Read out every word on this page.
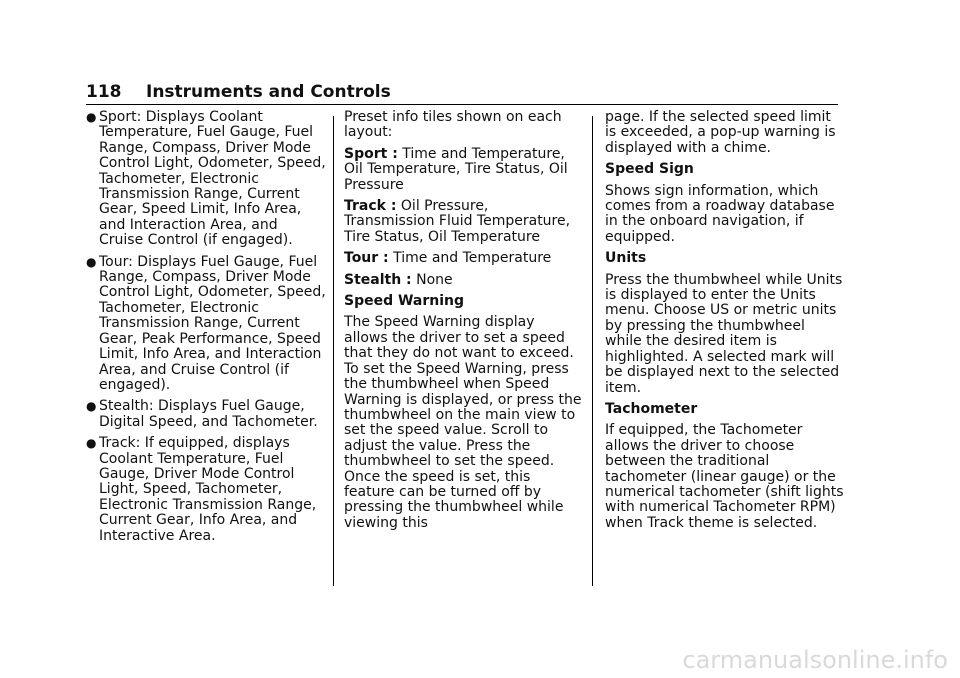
118 Instruments and Controls
● Sport: Displays Coolant Temperature, Fuel Gauge, Fuel Range, Compass, Driver Mode Control Light, Odometer, Speed, Tachometer, Electronic Transmission Range, Current Gear, Speed Limit, Info Area, and Interaction Area, and Cruise Control (if engaged).
● Tour: Displays Fuel Gauge, Fuel Range, Compass, Driver Mode Control Light, Odometer, Speed, Tachometer, Electronic Transmission Range, Current Gear, Peak Performance, Speed Limit, Info Area, and Interaction Area, and Cruise Control (if engaged).
● Stealth: Displays Fuel Gauge, Digital Speed, and Tachometer.
● Track: If equipped, displays Coolant Temperature, Fuel Gauge, Driver Mode Control Light, Speed, Tachometer, Electronic Transmission Range, Current Gear, Info Area, and Interactive Area.

Preset info tiles shown on each layout:

Sport : Time and Temperature, Oil Temperature, Tire Status, Oil Pressure

Track : Oil Pressure, Transmission Fluid Temperature, Tire Status, Oil Temperature

Tour : Time and Temperature

Stealth : None

Speed Warning

The Speed Warning display allows the driver to set a speed that they do not want to exceed. To set the Speed Warning, press the thumbwheel when Speed Warning is displayed, or press the thumbwheel on the main view to set the speed value. Scroll to adjust the value. Press the thumbwheel to set the speed. Once the speed is set, this feature can be turned off by pressing the thumbwheel while viewing this

page. If the selected speed limit is exceeded, a pop-up warning is displayed with a chime.

Speed Sign

Shows sign information, which comes from a roadway database in the onboard navigation, if equipped.

Units

Press the thumbwheel while Units is displayed to enter the Units menu. Choose US or metric units by pressing the thumbwheel while the desired item is highlighted. A selected mark will be displayed next to the selected item.

Tachometer

If equipped, the Tachometer allows the driver to choose between the traditional tachometer (linear gauge) or the numerical tachometer (shift lights with numerical Tachometer RPM) when Track theme is selected.

carmanualsonline.info
